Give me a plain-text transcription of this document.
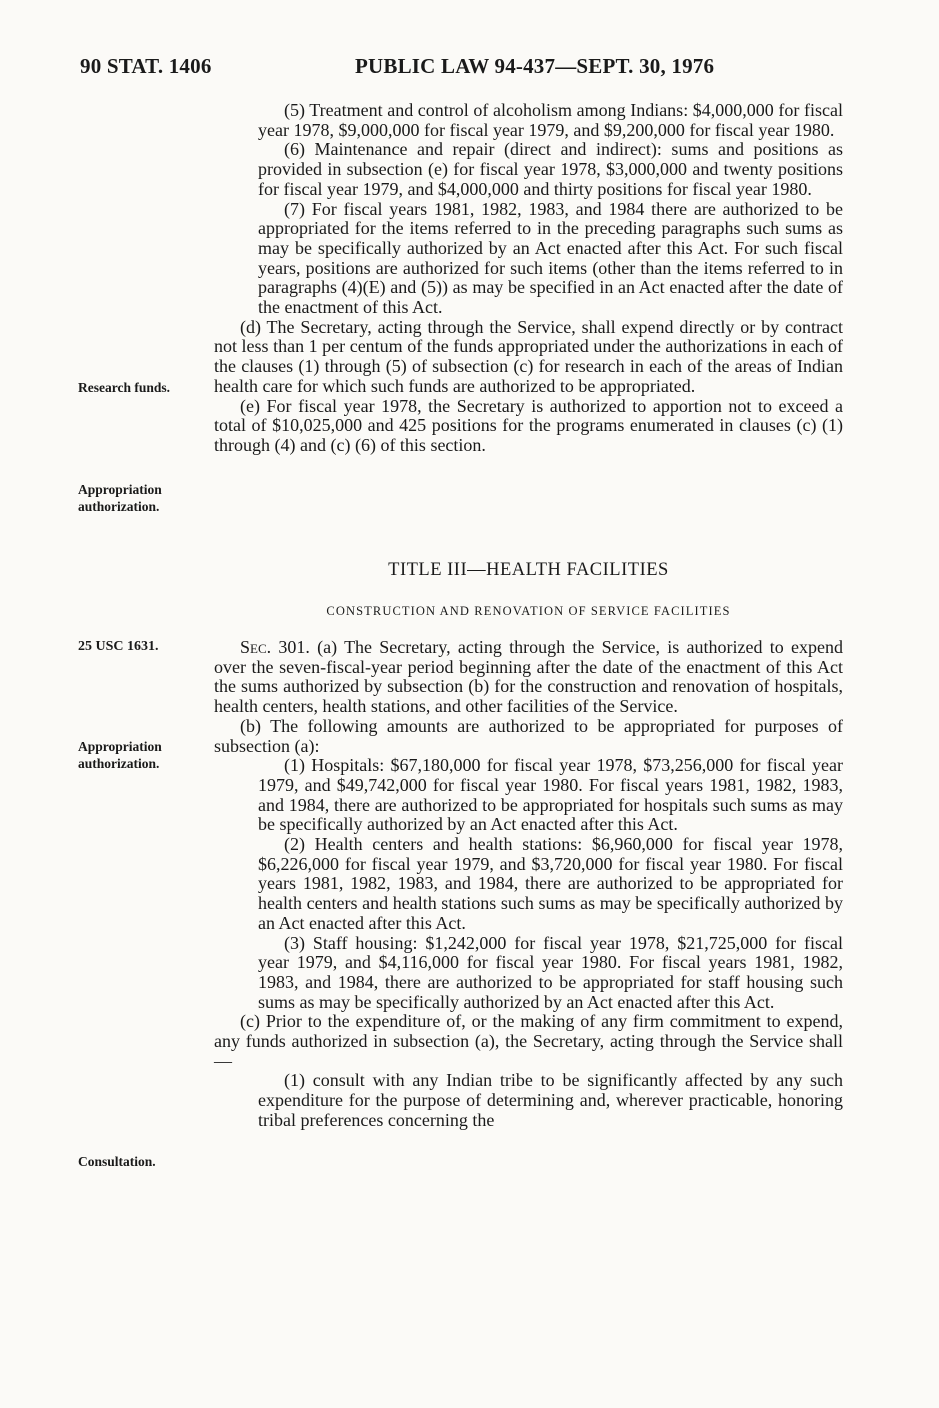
90 STAT. 1406	PUBLIC LAW 94-437—SEPT. 30, 1976

(5) Treatment and control of alcoholism among Indians: $4,000,000 for fiscal year 1978, $9,000,000 for fiscal year 1979, and $9,200,000 for fiscal year 1980.

(6) Maintenance and repair (direct and indirect): sums and positions as provided in subsection (e) for fiscal year 1978, $3,000,000 and twenty positions for fiscal year 1979, and $4,000,000 and thirty positions for fiscal year 1980.

(7) For fiscal years 1981, 1982, 1983, and 1984 there are authorized to be appropriated for the items referred to in the preceding paragraphs such sums as may be specifically authorized by an Act enacted after this Act. For such fiscal years, positions are authorized for such items (other than the items referred to in paragraphs (4)(E) and (5)) as may be specified in an Act enacted after the date of the enactment of this Act.

(d) The Secretary, acting through the Service, shall expend directly or by contract not less than 1 per centum of the funds appropriated under the authorizations in each of the clauses (1) through (5) of subsection (c) for research in each of the areas of Indian health care for which such funds are authorized to be appropriated.

(e) For fiscal year 1978, the Secretary is authorized to apportion not to exceed a total of $10,025,000 and 425 positions for the programs enumerated in clauses (c) (1) through (4) and (c) (6) of this section.

Research funds.
Appropriation
authorization.
TITLE III—HEALTH FACILITIES
CONSTRUCTION AND RENOVATION OF SERVICE FACILITIES
25 USC 1631.
Appropriation
authorization.
Consultation.

Sec. 301. (a) The Secretary, acting through the Service, is authorized to expend over the seven-fiscal-year period beginning after the date of the enactment of this Act the sums authorized by subsection (b) for the construction and renovation of hospitals, health centers, health stations, and other facilities of the Service.

(b) The following amounts are authorized to be appropriated for purposes of subsection (a):

(1) Hospitals: $67,180,000 for fiscal year 1978, $73,256,000 for fiscal year 1979, and $49,742,000 for fiscal year 1980. For fiscal years 1981, 1982, 1983, and 1984, there are authorized to be appropriated for hospitals such sums as may be specifically authorized by an Act enacted after this Act.

(2) Health centers and health stations: $6,960,000 for fiscal year 1978, $6,226,000 for fiscal year 1979, and $3,720,000 for fiscal year 1980. For fiscal years 1981, 1982, 1983, and 1984, there are authorized to be appropriated for health centers and health stations such sums as may be specifically authorized by an Act enacted after this Act.

(3) Staff housing: $1,242,000 for fiscal year 1978, $21,725,000 for fiscal year 1979, and $4,116,000 for fiscal year 1980. For fiscal years 1981, 1982, 1983, and 1984, there are authorized to be appropriated for staff housing such sums as may be specifically authorized by an Act enacted after this Act.

(c) Prior to the expenditure of, or the making of any firm commitment to expend, any funds authorized in subsection (a), the Secretary, acting through the Service shall—

(1) consult with any Indian tribe to be significantly affected by any such expenditure for the purpose of determining and, wherever practicable, honoring tribal preferences concerning the
